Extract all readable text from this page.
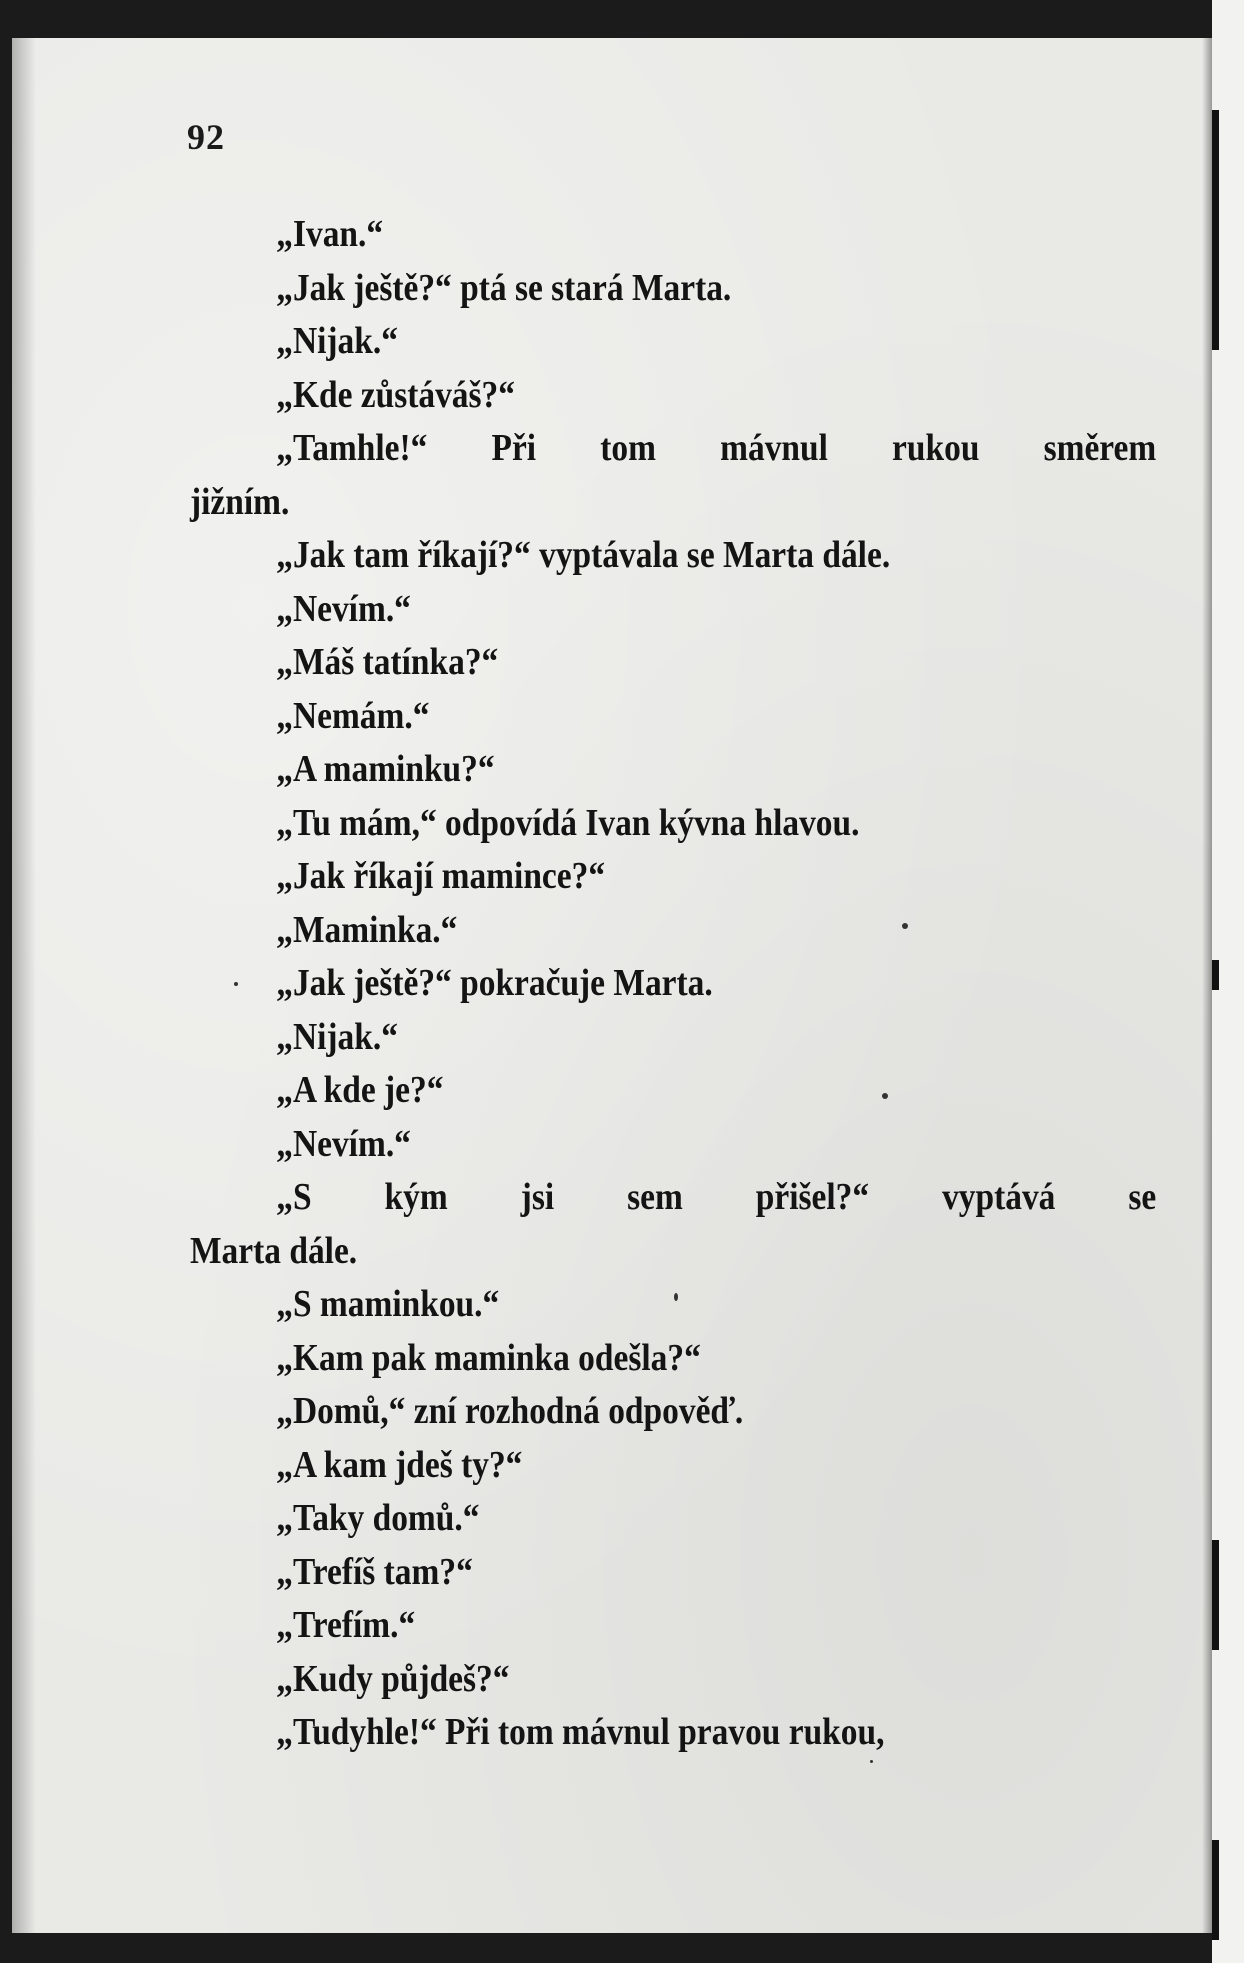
92
„Ivan.“
„Jak ještě?“ ptá se stará Marta.
„Nijak.“
„Kde zůstáváš?“
„Tamhle!“ Při tom mávnul rukou směrem
jižním.
„Jak tam říkají?“ vyptávala se Marta dále.
„Nevím.“
„Máš tatínka?“
„Nemám.“
„A maminku?“
„Tu mám,“ odpovídá Ivan kývna hlavou.
„Jak říkají mamince?“
„Maminka.“
„Jak ještě?“ pokračuje Marta.
„Nijak.“
„A kde je?“
„Nevím.“
„S kým jsi sem přišel?“ vyptává se
Marta dále.
„S maminkou.“
„Kam pak maminka odešla?“
„Domů,“ zní rozhodná odpověď.
„A kam jdeš ty?“
„Taky domů.“
„Trefíš tam?“
„Trefím.“
„Kudy půjdeš?“
„Tudyhle!“ Při tom mávnul pravou rukou,
